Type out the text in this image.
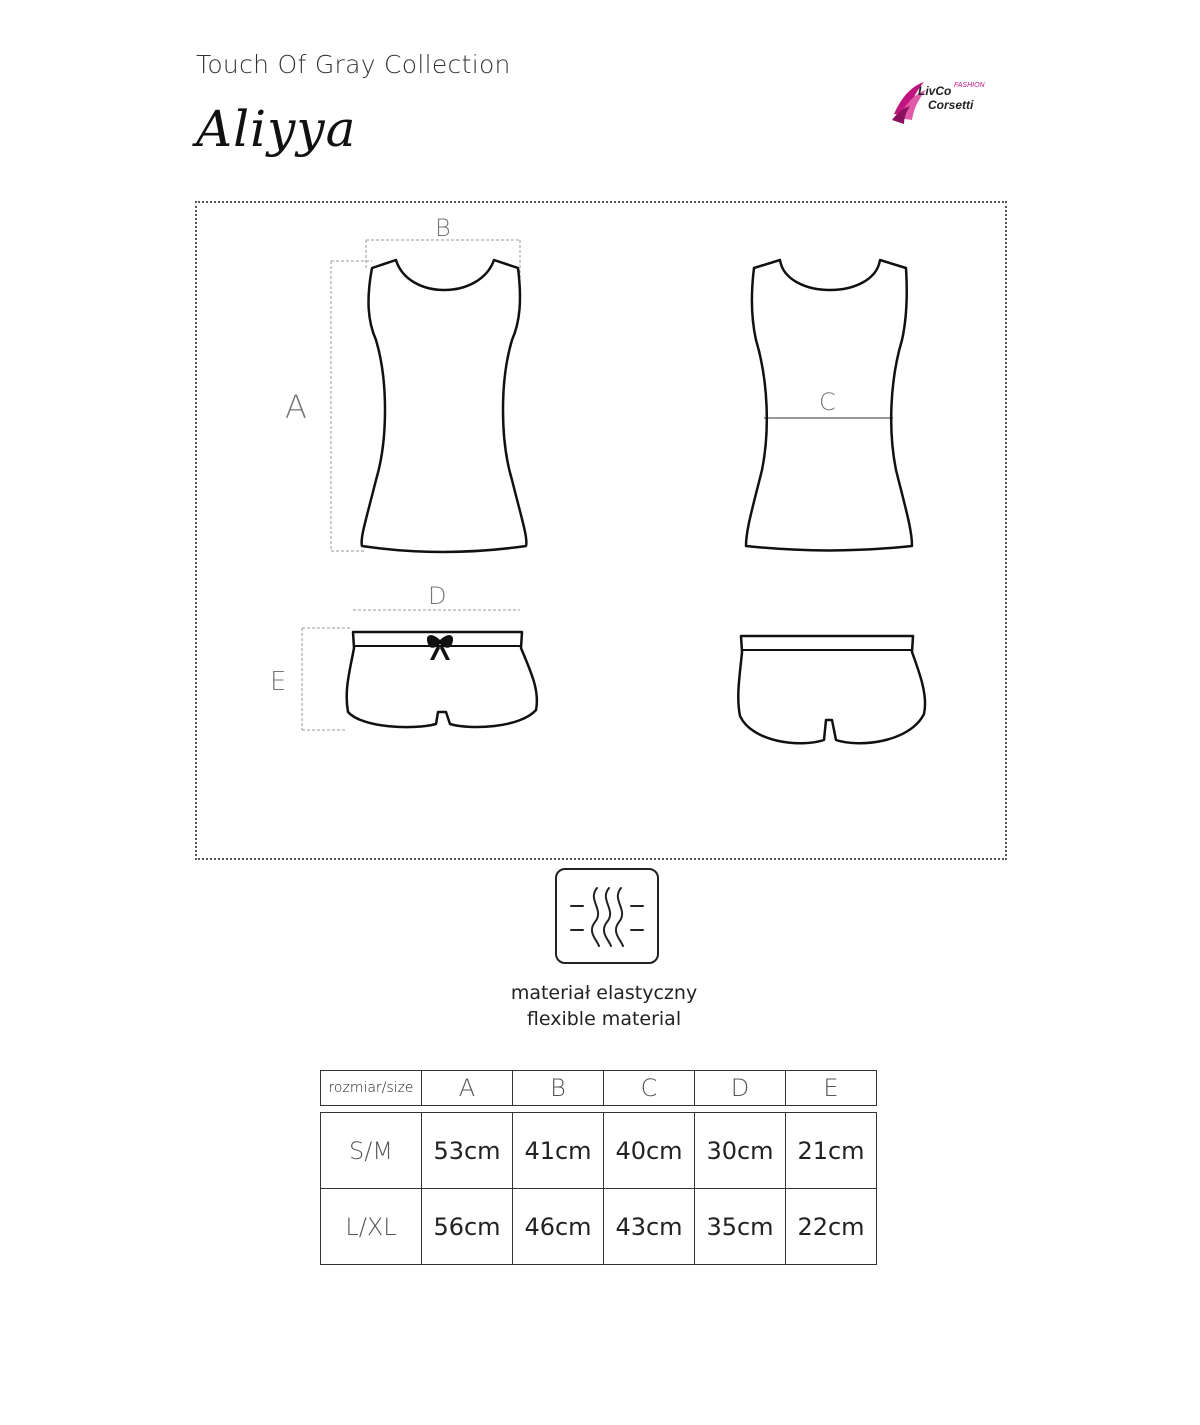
Touch Of Gray Collection
Aliyya
LivCo FASHION
Corsetti
B
A	C
D
E
materiał elastyczny
flexible material
rozmiar/size	A	B	C	D	E
S/M	53cm	41cm	40cm	30cm	21cm
L/XL	56cm	46cm	43cm	35cm	22cm
